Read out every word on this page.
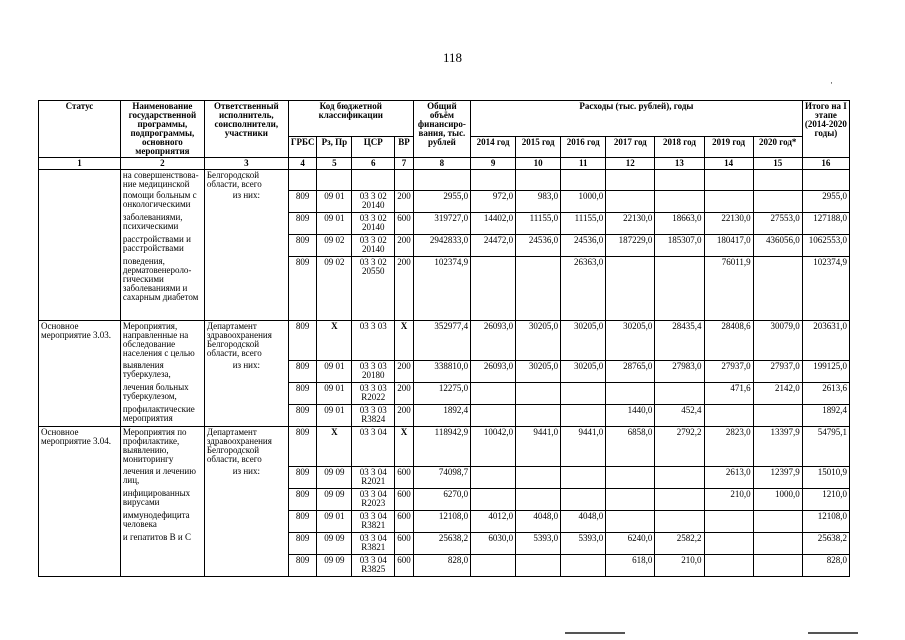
118
·
Статус	Наименование государственной программы, подпрограммы, основного мероприятия	Ответственный исполнитель, соисполнители, участники	Код бюджетной классификации				Общий объём финансиро-вания, тыс. рублей	Расходы (тыс. рублей), годы							Итого на I этапе (2014-2020 годы)
			ГРБС	Рз, Пр	ЦСР	ВР		2014 год	2015 год	2016 год	2017 год	2018 год	2019 год	2020 год*	
1	2	3	4	5	6	7	8	9	10	11	12	13	14	15	16
	на совершенствова-ние медицинской	Белгородской области, всего													
	помощи больным с онкологическими	из них:	809	09 01	03 3 02 20140	200	2955,0	972,0	983,0	1000,0					2955,0
	заболеваниями, психическими		809	09 01	03 3 02 20140	600	319727,0	14402,0	11155,0	11155,0	22130,0	18663,0	22130,0	27553,0	127188,0
	расстройствами и расстройствами		809	09 02	03 3 02 20140	200	2942833,0	24472,0	24536,0	24536,0	187229,0	185307,0	180417,0	436056,0	1062553,0
	поведения, дерматовенероло-гическими заболеваниями и сахарным диабетом		809	09 02	03 3 02 20550	200	102374,9			26363,0			76011,9		102374,9
Основное мероприятие 3.03.	Мероприятия, направленные на обследование населения с целью	Департамент здравоохранения Белгородской области, всего	809	X	03 3 03	X	352977,4	26093,0	30205,0	30205,0	30205,0	28435,4	28408,6	30079,0	203631,0
	выявления туберкулеза,	из них:	809	09 01	03 3 03 20180	200	338810,0	26093,0	30205,0	30205,0	28765,0	27983,0	27937,0	27937,0	199125,0
	лечения больных туберкулезом,		809	09 01	03 3 03 R2022	200	12275,0						471,6	2142,0	2613,6
	профилактические мероприятия		809	09 01	03 3 03 R3824	200	1892,4				1440,0	452,4			1892,4
Основное мероприятие 3.04.	Мероприятия по профилактике, выявлению, мониторингу	Департамент здравоохранения Белгородской области, всего	809	X	03 3 04	X	118942,9	10042,0	9441,0	9441,0	6858,0	2792,2	2823,0	13397,9	54795,1
	лечения и лечению лиц,	из них:	809	09 09	03 3 04 R2021	600	74098,7						2613,0	12397,9	15010,9
	инфицированных вирусами		809	09 09	03 3 04 R2023	600	6270,0						210,0	1000,0	1210,0
	иммунодефицита человека		809	09 01	03 3 04 R3821	600	12108,0	4012,0	4048,0	4048,0					12108,0
	и гепатитов В и С		809	09 09	03 3 04 R3821	600	25638,2	6030,0	5393,0	5393,0	6240,0	2582,2			25638,2
			809	09 09	03 3 04 R3825	600	828,0				618,0	210,0			828,0
